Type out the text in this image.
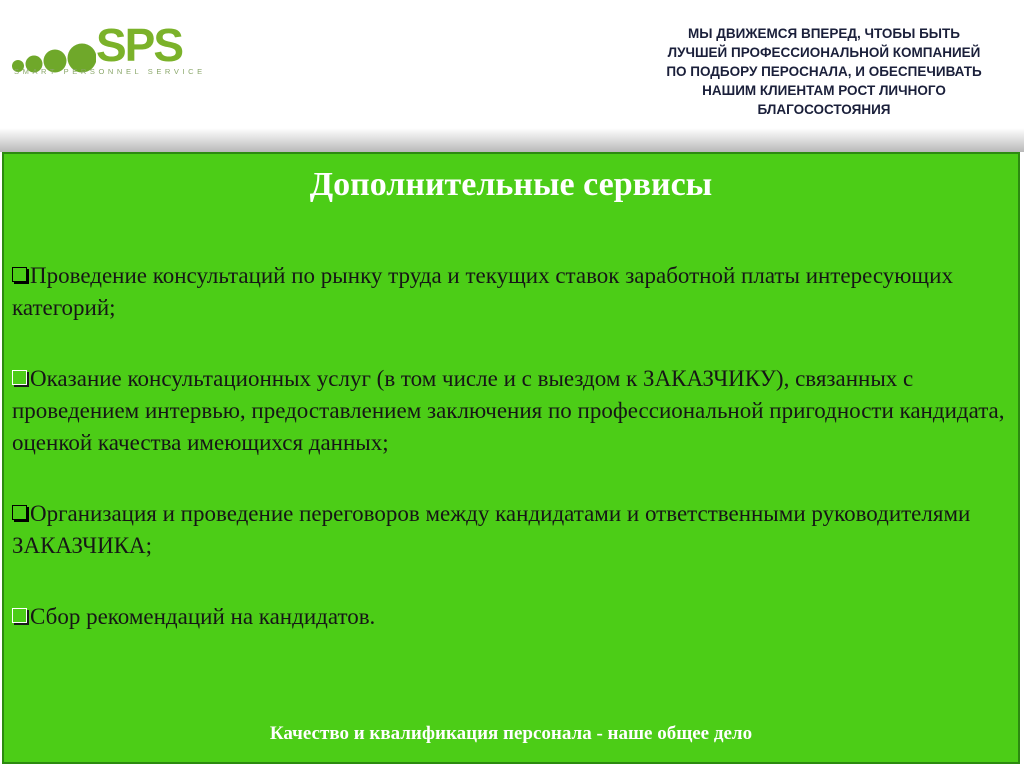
SPS
SMART PERSONNEL SERVICE
МЫ ДВИЖЕМСЯ ВПЕРЕД, ЧТОБЫ БЫТЬ
ЛУЧШЕЙ ПРОФЕССИОНАЛЬНОЙ КОМПАНИЕЙ
ПО ПОДБОРУ ПЕРОСНАЛА, И ОБЕСПЕЧИВАТЬ
НАШИМ КЛИЕНТАМ РОСТ ЛИЧНОГО
БЛАГОСОСТОЯНИЯ
Дополнительные сервисы
Проведение консультаций по рынку труда и текущих ставок заработной платы интересующих категорий;
Оказание консультационных услуг (в том числе и с выездом к ЗАКАЗЧИКУ), связанных с проведением интервью, предоставлением заключения по профессиональной пригодности кандидата, оценкой качества имеющихся данных;
Организация и проведение переговоров между кандидатами и ответственными руководителями ЗАКАЗЧИКА;
Сбор рекомендаций на кандидатов.
Качество и квалификация персонала - наше общее дело
